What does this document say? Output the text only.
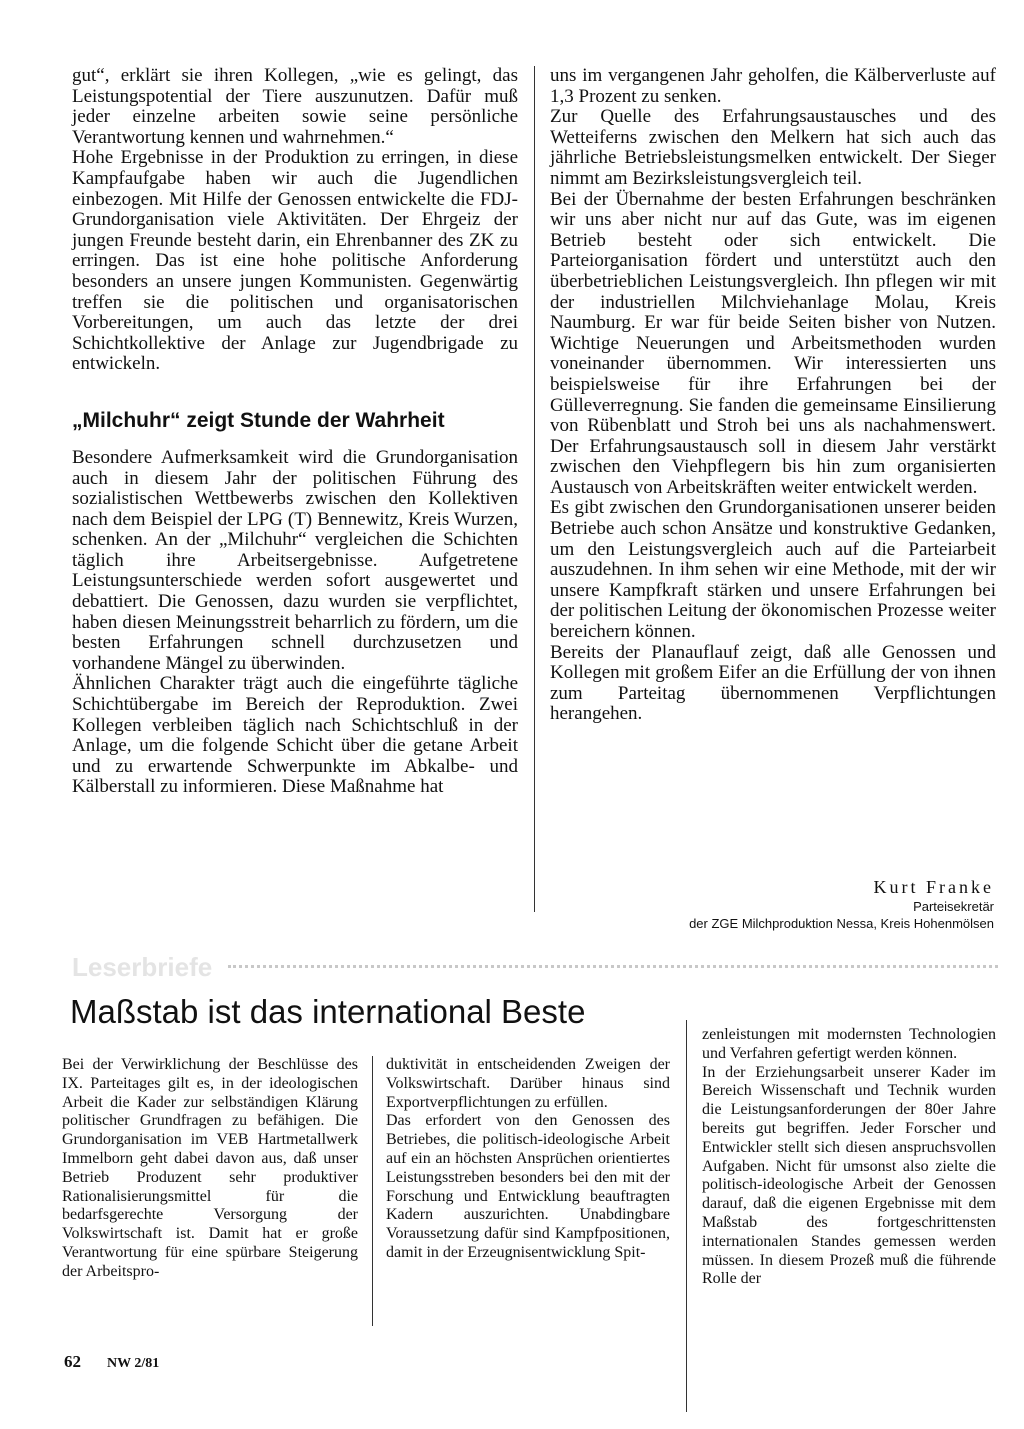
gut“, erklärt sie ihren Kollegen, „wie es gelingt, das Leistungspotential der Tiere auszunutzen. Dafür muß jeder einzelne arbeiten sowie seine persönliche Verantwortung kennen und wahrnehmen.“

Hohe Ergebnisse in der Produktion zu erringen, in diese Kampfaufgabe haben wir auch die Jugendlichen einbezogen. Mit Hilfe der Genossen entwickelte die FDJ-Grundorganisation viele Aktivitäten. Der Ehrgeiz der jungen Freunde besteht darin, ein Ehrenbanner des ZK zu erringen. Das ist eine hohe politische Anforderung besonders an unsere jungen Kommunisten. Gegenwärtig treffen sie die politischen und organisatorischen Vorbereitungen, um auch das letzte der drei Schichtkollektive der Anlage zur Jugendbrigade zu entwickeln.

„Milchuhr“ zeigt Stunde der Wahrheit

Besondere Aufmerksamkeit wird die Grundorganisation auch in diesem Jahr der politischen Führung des sozialistischen Wettbewerbs zwischen den Kollektiven nach dem Beispiel der LPG (T) Bennewitz, Kreis Wurzen, schenken. An der „Milchuhr“ vergleichen die Schichten täglich ihre Arbeitsergebnisse. Aufgetretene Leistungsunterschiede werden sofort ausgewertet und debattiert. Die Genossen, dazu wurden sie verpflichtet, haben diesen Meinungsstreit beharrlich zu fördern, um die besten Erfahrungen schnell durchzusetzen und vorhandene Mängel zu überwinden.

Ähnlichen Charakter trägt auch die eingeführte tägliche Schichtübergabe im Bereich der Reproduktion. Zwei Kollegen verbleiben täglich nach Schichtschluß in der Anlage, um die folgende Schicht über die getane Arbeit und zu erwartende Schwerpunkte im Abkalbe- und Kälberstall zu informieren. Diese Maßnahme hat

uns im vergangenen Jahr geholfen, die Kälberverluste auf 1,3 Prozent zu senken.

Zur Quelle des Erfahrungsaustausches und des Wetteiferns zwischen den Melkern hat sich auch das jährliche Betriebsleistungsmelken entwickelt. Der Sieger nimmt am Bezirksleistungsvergleich teil.

Bei der Übernahme der besten Erfahrungen beschränken wir uns aber nicht nur auf das Gute, was im eigenen Betrieb besteht oder sich entwickelt. Die Parteiorganisation fördert und unterstützt auch den überbetrieblichen Leistungsvergleich. Ihn pflegen wir mit der industriellen Milchviehanlage Molau, Kreis Naumburg. Er war für beide Seiten bisher von Nutzen. Wichtige Neuerungen und Arbeitsmethoden wurden voneinander übernommen. Wir interessierten uns beispielsweise für ihre Erfahrungen bei der Gülleverregnung. Sie fanden die gemeinsame Einsilierung von Rübenblatt und Stroh bei uns als nachahmenswert. Der Erfahrungsaustausch soll in diesem Jahr verstärkt zwischen den Viehpflegern bis hin zum organisierten Austausch von Arbeitskräften weiter entwickelt werden.

Es gibt zwischen den Grundorganisationen unserer beiden Betriebe auch schon Ansätze und konstruktive Gedanken, um den Leistungsvergleich auch auf die Parteiarbeit auszudehnen. In ihm sehen wir eine Methode, mit der wir unsere Kampfkraft stärken und unsere Erfahrungen bei der politischen Leitung der ökonomischen Prozesse weiter bereichern können.

Bereits der Planauflauf zeigt, daß alle Genossen und Kollegen mit großem Eifer an die Erfüllung der von ihnen zum Parteitag übernommenen Verpflichtungen herangehen.

Kurt Franke
Parteisekretär
der ZGE Milchproduktion Nessa, Kreis Hohenmölsen
Leserbriefe
Maßstab ist das international Beste

Bei der Verwirklichung der Beschlüsse des IX. Parteitages gilt es, in der ideologischen Arbeit die Kader zur selbständigen Klärung politischer Grundfragen zu befähigen. Die Grundorganisation im VEB Hartmetallwerk Immelborn geht dabei davon aus, daß unser Betrieb Produzent sehr produktiver Rationalisierungsmittel für die bedarfsgerechte Versorgung der Volkswirtschaft ist. Damit hat er große Verantwortung für eine spürbare Steigerung der Arbeitspro-

duktivität in entscheidenden Zweigen der Volkswirtschaft. Darüber hinaus sind Exportverpflichtungen zu erfüllen.

Das erfordert von den Genossen des Betriebes, die politisch-ideologische Arbeit auf ein an höchsten Ansprüchen orientiertes Leistungsstreben besonders bei den mit der Forschung und Entwicklung beauftragten Kadern auszurichten. Unabdingbare Voraussetzung dafür sind Kampfpositionen, damit in der Erzeugnisentwicklung Spit-

zenleistungen mit modernsten Technologien und Verfahren gefertigt werden können.

In der Erziehungsarbeit unserer Kader im Bereich Wissenschaft und Technik wurden die Leistungsanforderungen der 80er Jahre bereits gut begriffen. Jeder Forscher und Entwickler stellt sich diesen anspruchsvollen Aufgaben. Nicht für umsonst also zielte die politisch-ideologische Arbeit der Genossen darauf, daß die eigenen Ergebnisse mit dem Maßstab des fortgeschrittensten internationalen Standes gemessen werden müssen. In diesem Prozeß muß die führende Rolle der

62 NW 2/81
